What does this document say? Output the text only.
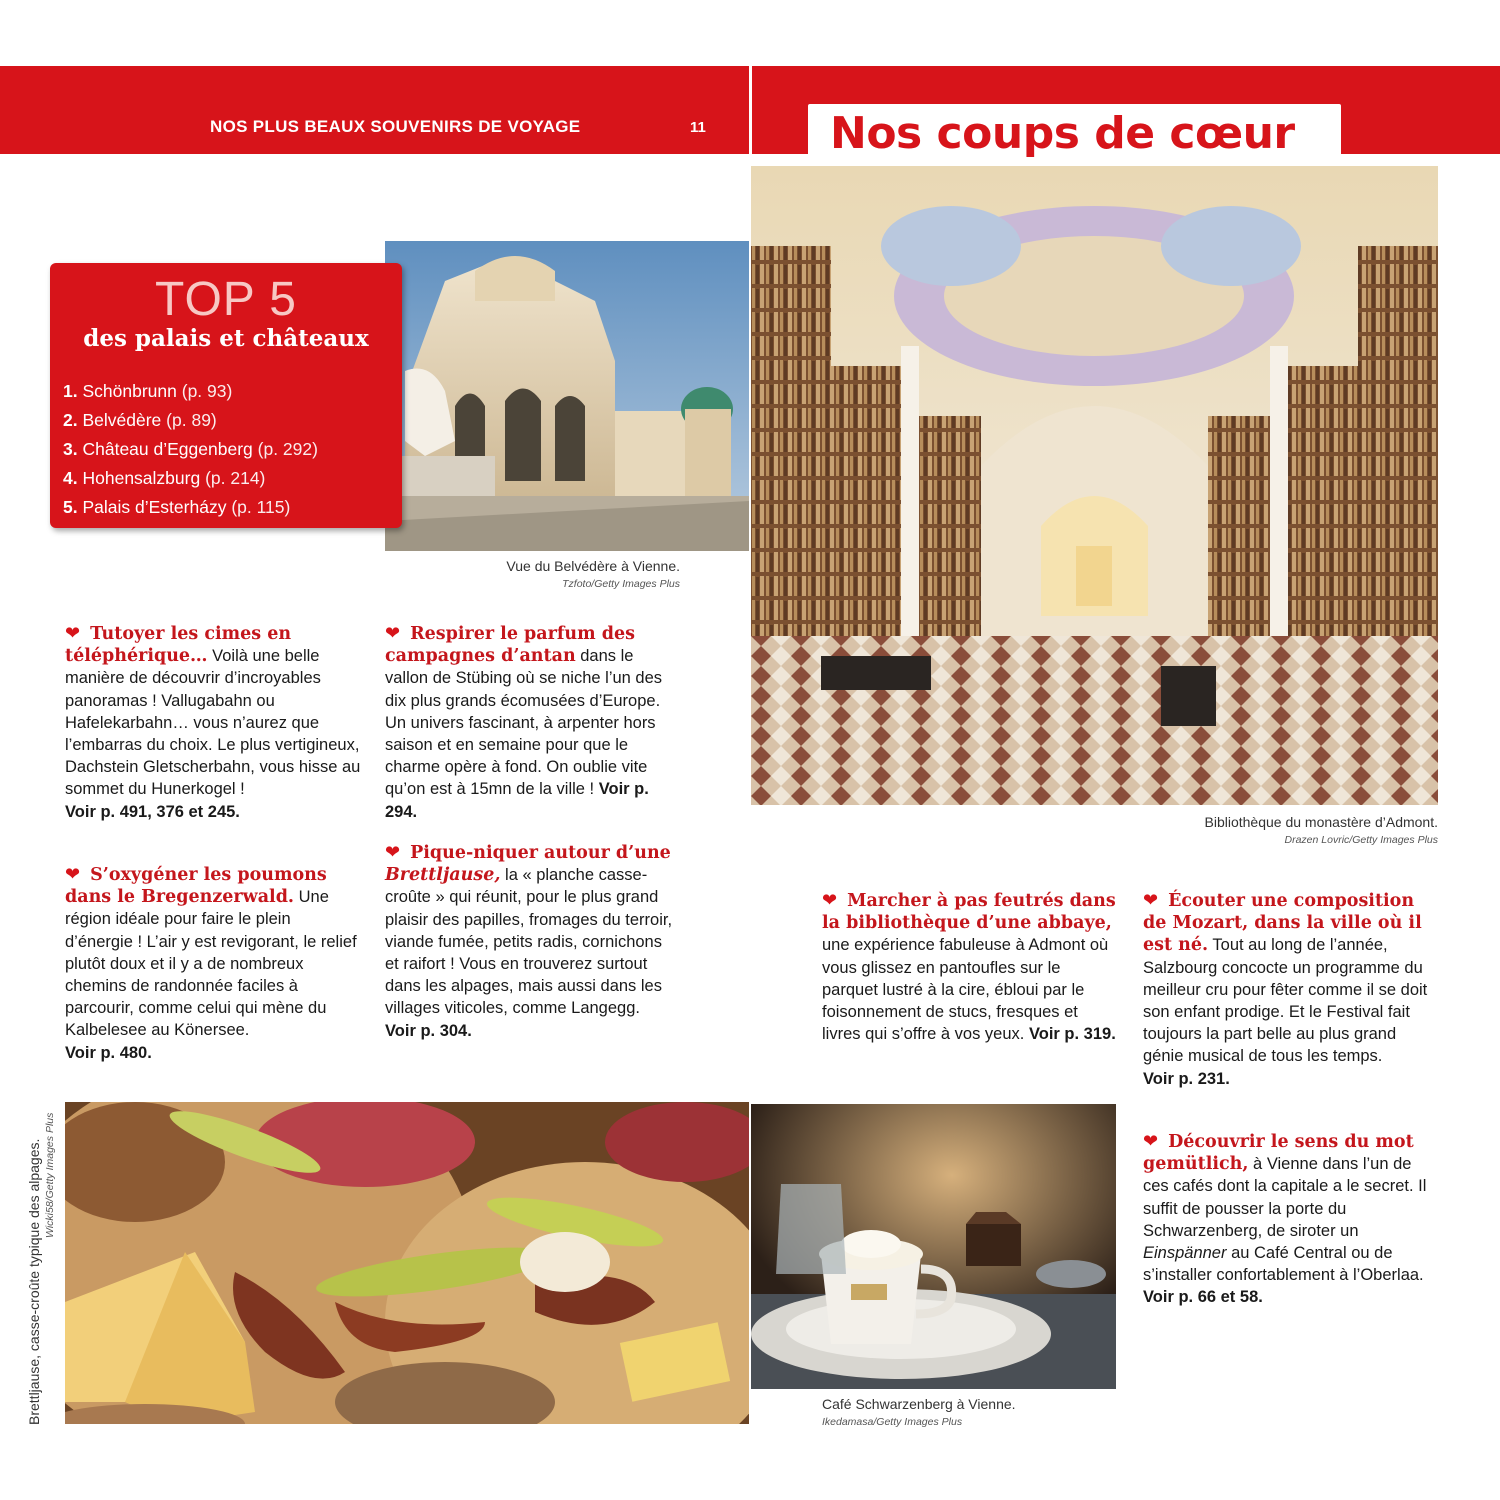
NOS PLUS BEAUX SOUVENIRS DE VOYAGE	11	Nos coups de cœur
Vue du Belvédère à Vienne.
Tzfoto/Getty Images Plus
TOP 5
des palais et châteaux
1. Schönbrunn (p. 93)
2. Belvédère (p. 89)
3. Château d’Eggenberg (p. 292)
4. Hohensalzburg (p. 214)
5. Palais d’Esterházy (p. 115)
Bibliothèque du monastère d’Admont.
Drazen Lovric/Getty Images Plus
❤ Tutoyer les cimes en téléphérique… Voilà une belle manière de découvrir d’incroyables panoramas ! Vallugabahn ou Hafelekarbahn… vous n’aurez que l’embarras du choix. Le plus vertigineux, Dachstein Gletscherbahn, vous hisse au sommet du Hunerkogel !
Voir p. 491, 376 et 245.
❤ S’oxygéner les poumons dans le Bregenzerwald. Une région idéale pour faire le plein d’énergie ! L’air y est revigorant, le relief plutôt doux et il y a de nombreux chemins de randonnée faciles à parcourir, comme celui qui mène du Kalbelesee au Könersee.
Voir p. 480.
❤ Respirer le parfum des campagnes d’antan dans le vallon de Stübing où se niche l’un des dix plus grands écomusées d’Europe. Un univers fascinant, à arpenter hors saison et en semaine pour que le charme opère à fond. On oublie vite qu’on est à 15mn de la ville ! Voir p. 294.
❤ Pique-niquer autour d’une Brettljause, la « planche casse-croûte » qui réunit, pour le plus grand plaisir des papilles, fromages du terroir, viande fumée, petits radis, cornichons et raifort ! Vous en trouverez surtout dans les alpages, mais aussi dans les villages viticoles, comme Langegg.
Voir p. 304.
❤ Marcher à pas feutrés dans la bibliothèque d’une abbaye, une expérience fabuleuse à Admont où vous glissez en pantoufles sur le parquet lustré à la cire, ébloui par le foisonnement de stucs, fresques et livres qui s’offre à vos yeux. Voir p. 319.
❤ Écouter une composition de Mozart, dans la ville où il est né. Tout au long de l’année, Salzbourg concocte un programme du meilleur cru pour fêter comme il se doit son enfant prodige. Et le Festival fait toujours la part belle au plus grand génie musical de tous les temps.
Voir p. 231.
❤ Découvrir le sens du mot gemütlich, à Vienne dans l’un de ces cafés dont la capitale a le secret. Il suffit de pousser la porte du Schwarzenberg, de siroter un Einspänner au Café Central ou de s’installer confortablement à l’Oberlaa.
Voir p. 66 et 58.
Brettljause, casse-croûte typique des alpages. Wicki58/Getty Images Plus
Café Schwarzenberg à Vienne.
Ikedamasa/Getty Images Plus
